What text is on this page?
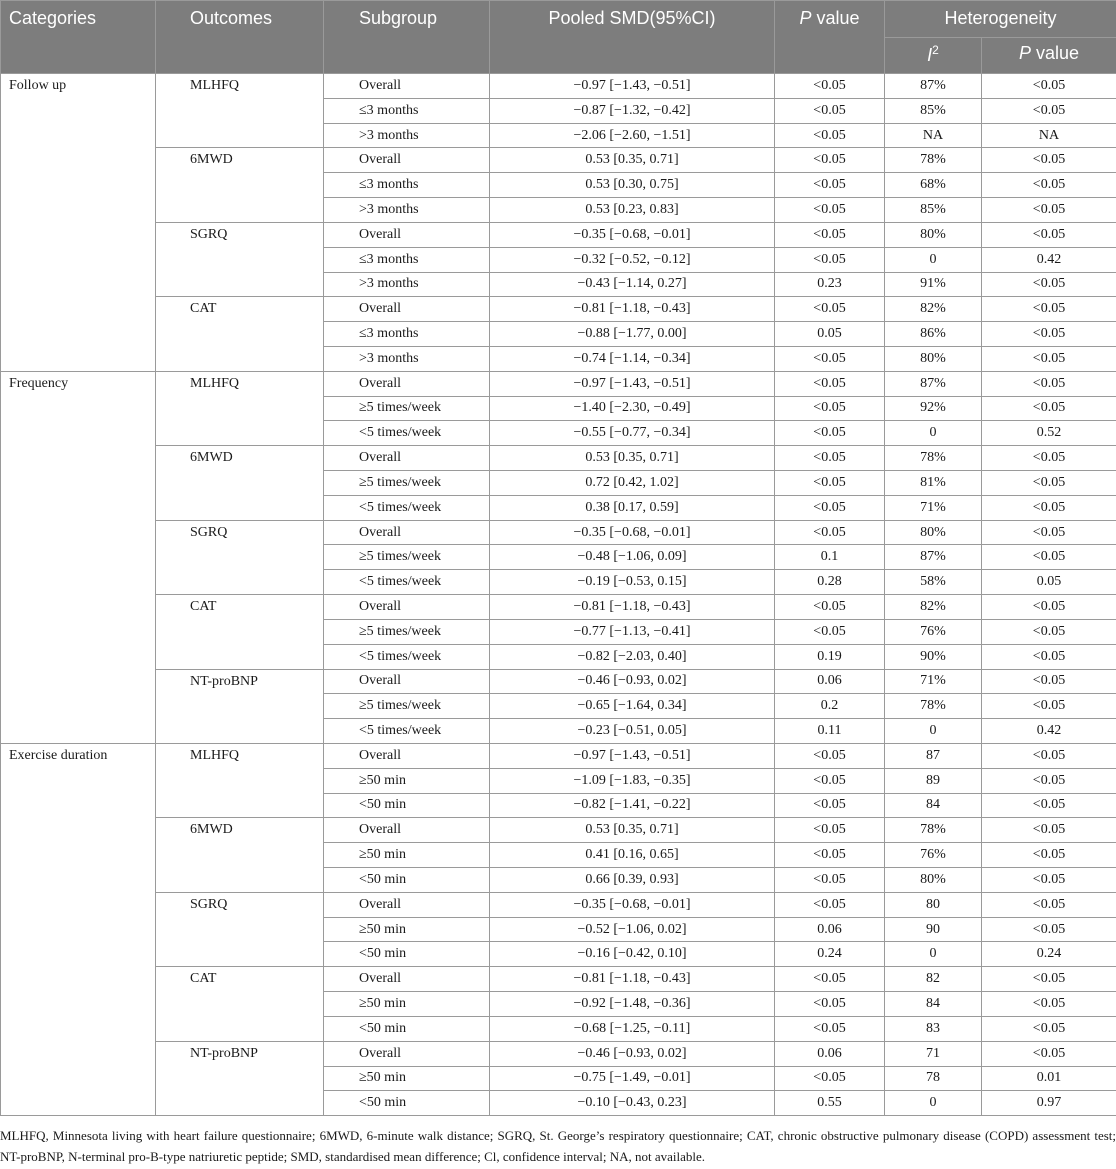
Categories	Outcomes	Subgroup	Pooled SMD(95%CI)	P value	Heterogeneity	
					$I^2$	P value
Follow up	MLHFQ	Overall	−0.97 [−1.43, −0.51]	<0.05	87%	<0.05
		≤3 months	−0.87 [−1.32, −0.42]	<0.05	85%	<0.05
		>3 months	−2.06 [−2.60, −1.51]	<0.05	NA	NA
	6MWD	Overall	0.53 [0.35, 0.71]	<0.05	78%	<0.05
		≤3 months	0.53 [0.30, 0.75]	<0.05	68%	<0.05
		>3 months	0.53 [0.23, 0.83]	<0.05	85%	<0.05
	SGRQ	Overall	−0.35 [−0.68, −0.01]	<0.05	80%	<0.05
		≤3 months	−0.32 [−0.52, −0.12]	<0.05	0	0.42
		>3 months	−0.43 [−1.14, 0.27]	0.23	91%	<0.05
	CAT	Overall	−0.81 [−1.18, −0.43]	<0.05	82%	<0.05
		≤3 months	−0.88 [−1.77, 0.00]	0.05	86%	<0.05
		>3 months	−0.74 [−1.14, −0.34]	<0.05	80%	<0.05
Frequency	MLHFQ	Overall	−0.97 [−1.43, −0.51]	<0.05	87%	<0.05
		≥5 times/week	−1.40 [−2.30, −0.49]	<0.05	92%	<0.05
		<5 times/week	−0.55 [−0.77, −0.34]	<0.05	0	0.52
	6MWD	Overall	0.53 [0.35, 0.71]	<0.05	78%	<0.05
		≥5 times/week	0.72 [0.42, 1.02]	<0.05	81%	<0.05
		<5 times/week	0.38 [0.17, 0.59]	<0.05	71%	<0.05
	SGRQ	Overall	−0.35 [−0.68, −0.01]	<0.05	80%	<0.05
		≥5 times/week	−0.48 [−1.06, 0.09]	0.1	87%	<0.05
		<5 times/week	−0.19 [−0.53, 0.15]	0.28	58%	0.05
	CAT	Overall	−0.81 [−1.18, −0.43]	<0.05	82%	<0.05
		≥5 times/week	−0.77 [−1.13, −0.41]	<0.05	76%	<0.05
		<5 times/week	−0.82 [−2.03, 0.40]	0.19	90%	<0.05
	NT-proBNP	Overall	−0.46 [−0.93, 0.02]	0.06	71%	<0.05
		≥5 times/week	−0.65 [−1.64, 0.34]	0.2	78%	<0.05
		<5 times/week	−0.23 [−0.51, 0.05]	0.11	0	0.42
Exercise duration	MLHFQ	Overall	−0.97 [−1.43, −0.51]	<0.05	87	<0.05
		≥50 min	−1.09 [−1.83, −0.35]	<0.05	89	<0.05
		<50 min	−0.82 [−1.41, −0.22]	<0.05	84	<0.05
	6MWD	Overall	0.53 [0.35, 0.71]	<0.05	78%	<0.05
		≥50 min	0.41 [0.16, 0.65]	<0.05	76%	<0.05
		<50 min	0.66 [0.39, 0.93]	<0.05	80%	<0.05
	SGRQ	Overall	−0.35 [−0.68, −0.01]	<0.05	80	<0.05
		≥50 min	−0.52 [−1.06, 0.02]	0.06	90	<0.05
		<50 min	−0.16 [−0.42, 0.10]	0.24	0	0.24
	CAT	Overall	−0.81 [−1.18, −0.43]	<0.05	82	<0.05
		≥50 min	−0.92 [−1.48, −0.36]	<0.05	84	<0.05
		<50 min	−0.68 [−1.25, −0.11]	<0.05	83	<0.05
	NT-proBNP	Overall	−0.46 [−0.93, 0.02]	0.06	71	<0.05
		≥50 min	−0.75 [−1.49, −0.01]	<0.05	78	0.01
		<50 min	−0.10 [−0.43, 0.23]	0.55	0	0.97
MLHFQ, Minnesota living with heart failure questionnaire; 6MWD, 6-minute walk distance; SGRQ, St. George’s respiratory questionnaire; CAT, chronic obstructive pulmonary disease (COPD) assessment test; NT-proBNP, N-terminal pro-B-type natriuretic peptide; SMD, standardised mean difference; Cl, confidence interval; NA, not available.
